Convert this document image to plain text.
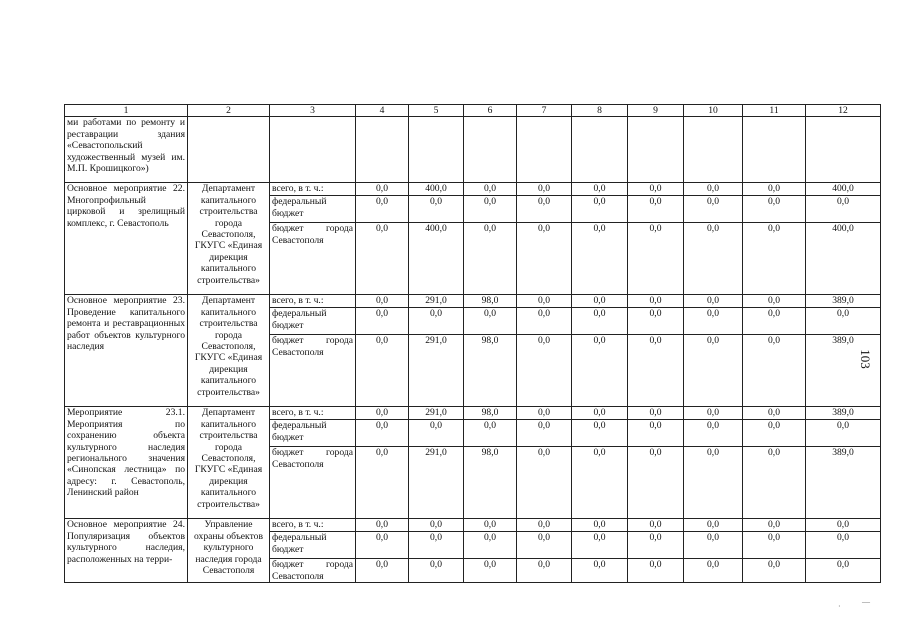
1	2	3	4	5	6	7	8	9	10	11	12
ми работами по ремонту и реставрации здания «Севастопольский художественный музей им. М.П. Крошицкого»)											
Основное мероприятие 22. Многопрофильный цирковой и зрелищный комплекс, г. Севастополь	Департамент капитального строительства города Севастополя, ГКУГС «Единая дирекция капитального строительства»	всего, в т. ч.:	0,0	400,0	0,0	0,0	0,0	0,0	0,0	0,0	400,0
		федеральный бюджет	0,0	0,0	0,0	0,0	0,0	0,0	0,0	0,0	0,0
		бюджет города Севастополя	0,0	400,0	0,0	0,0	0,0	0,0	0,0	0,0	400,0
Основное мероприятие 23. Проведение капитального ремонта и реставрационных работ объектов культурного наследия	Департамент капитального строительства города Севастополя, ГКУГС «Единая дирекция капитального строительства»	всего, в т. ч.:	0,0	291,0	98,0	0,0	0,0	0,0	0,0	0,0	389,0
		федеральный бюджет	0,0	0,0	0,0	0,0	0,0	0,0	0,0	0,0	0,0
		бюджет города Севастополя	0,0	291,0	98,0	0,0	0,0	0,0	0,0	0,0	389,0
Мероприятие 23.1. Мероприятия по сохранению объекта культурного наследия регионального значения «Синопская лестница» по адресу: г. Севастополь, Ленинский район	Департамент капитального строительства города Севастополя, ГКУГС «Единая дирекция капитального строительства»	всего, в т. ч.:	0,0	291,0	98,0	0,0	0,0	0,0	0,0	0,0	389,0
		федеральный бюджет	0,0	0,0	0,0	0,0	0,0	0,0	0,0	0,0	0,0
		бюджет города Севастополя	0,0	291,0	98,0	0,0	0,0	0,0	0,0	0,0	389,0
Основное мероприятие 24. Популяризация объектов культурного наследия, расположенных на терри-	Управление охраны объектов культурного наследия города Севастополя	всего, в т. ч.:	0,0	0,0	0,0	0,0	0,0	0,0	0,0	0,0	0,0
		федеральный бюджет	0,0	0,0	0,0	0,0	0,0	0,0	0,0	0,0	0,0
		бюджет города Севастополя	0,0	0,0	0,0	0,0	0,0	0,0	0,0	0,0	0,0
103
—
·
